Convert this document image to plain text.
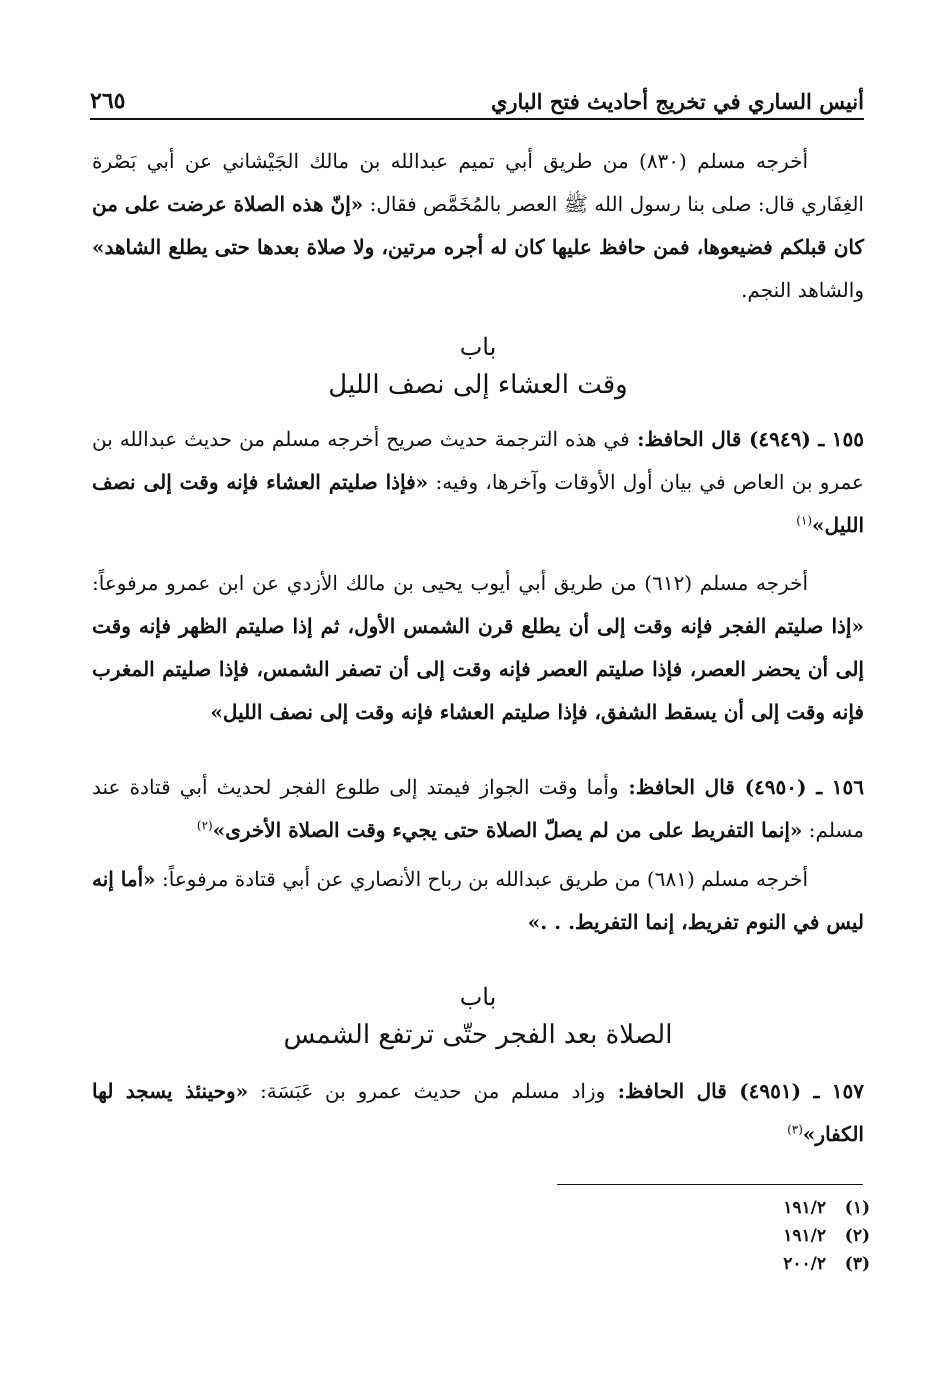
٢٦٥	أنيس الساري في تخريج أحاديث فتح الباري
أخرجه مسلم (٨٣٠) من طريق أبي تميم عبدالله بن مالك الجَيْشاني عن أبي بَصْرة الغِفَاري قال: صلى بنا رسول الله ﷺ العصر بالمُخَمَّص فقال: «إنّ هذه الصلاة عرضت على من كان قبلكم فضيعوها، فمن حافظ عليها كان له أجره مرتين، ولا صلاة بعدها حتى يطلع الشاهد» والشاهد النجم.
باب
وقت العشاء إلى نصف الليل
١٥٥ ـ (٤٩٤٩) قال الحافظ: في هذه الترجمة حديث صريح أخرجه مسلم من حديث عبدالله بن عمرو بن العاص في بيان أول الأوقات وآخرها، وفيه: «فإذا صليتم العشاء فإنه وقت إلى نصف الليل»$^{(١)}$
أخرجه مسلم (٦١٢) من طريق أبي أيوب يحيى بن مالك الأزدي عن ابن عمرو مرفوعاً: «إذا صليتم الفجر فإنه وقت إلى أن يطلع قرن الشمس الأول، ثم إذا صليتم الظهر فإنه وقت إلى أن يحضر العصر، فإذا صليتم العصر فإنه وقت إلى أن تصفر الشمس، فإذا صليتم المغرب فإنه وقت إلى أن يسقط الشفق، فإذا صليتم العشاء فإنه وقت إلى نصف الليل»
١٥٦ ـ (٤٩٥٠) قال الحافظ: وأما وقت الجواز فيمتد إلى طلوع الفجر لحديث أبي قتادة عند مسلم: «إنما التفريط على من لم يصلّ الصلاة حتى يجيء وقت الصلاة الأخرى»$^{(٢)}$
أخرجه مسلم (٦٨١) من طريق عبدالله بن رباح الأنصاري عن أبي قتادة مرفوعاً: «أما إنه ليس في النوم تفريط، إنما التفريط. . .»
باب
الصلاة بعد الفجر حتّى ترتفع الشمس
١٥٧ ـ (٤٩٥١) قال الحافظ: وزاد مسلم من حديث عمرو بن عَبَسَة: «وحينئذ يسجد لها الكفار»$^{(٣)}$
(١)١٩١/٢
(٢)١٩١/٢
(٣)٢٠٠/٢
